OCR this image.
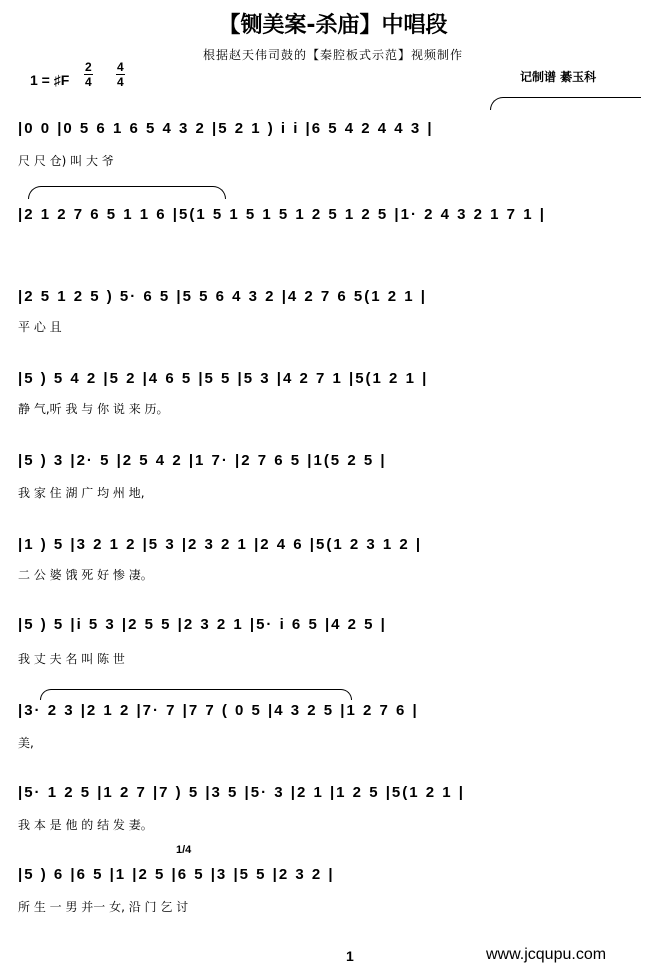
【铡美案-杀庙】中唱段
根据赵天伟司鼓的【秦腔板式示范】视频制作
1 = ♯F $\frac{2}{4} \frac{4}{4}$	记制谱 綦玉科
|0 0 |0 5 6 1 6 5 4 3 2 |5 2 1 ) i i |6 5 4 2 4 4 3 |
尺 尺 仓) 叫 大 爷
|2 1 2 7 6 5 1 1 6 |5(1 5 1 5 1 5 1 2 5 1 2 5 |1· 2 4 3 2 1 7 1 |
|2 5 1 2 5 ) 5· 6 5 |5 5 6 4 3 2 |4 2 7 6 5(1 2 1 |
平 心 且
|5 ) 5 4 2 |5 2 |4 6 5 |5 5 |5 3 |4 2 7 1 |5(1 2 1 |
静 气,听 我 与 你 说 来 历。
|5 ) 3 |2· 5 |2 5 4 2 |1 7· |2 7 6 5 |1(5 2 5 |
我 家 住 湖 广 均 州 地,
|1 ) 5 |3 2 1 2 |5 3 |2 3 2 1 |2 4 6 |5(1 2 3 1 2 |
二 公 婆 饿 死 好 惨 凄。
|5 ) 5 |i 5 3 |2 5 5 |2 3 2 1 |5· i 6 5 |4 2 5 |
我 丈 夫 名 叫 陈 世
|3· 2 3 |2 1 2 |7· 7 |7 7 ( 0 5 |4 3 2 5 |1 2 7 6 |
美,
|5· 1 2 5 |1 2 7 |7 ) 5 |3 5 |5· 3 |2 1 |1 2 5 |5(1 2 1 |
我 本 是 他 的 结 发 妻。
1/4
|5 ) 6 |6 5 |1 |2 5 |6 5 |3 |5 5 |2 3 2 |
所 生 一 男 并一 女, 沿 门 乞 讨
1	www.jcqupu.com
